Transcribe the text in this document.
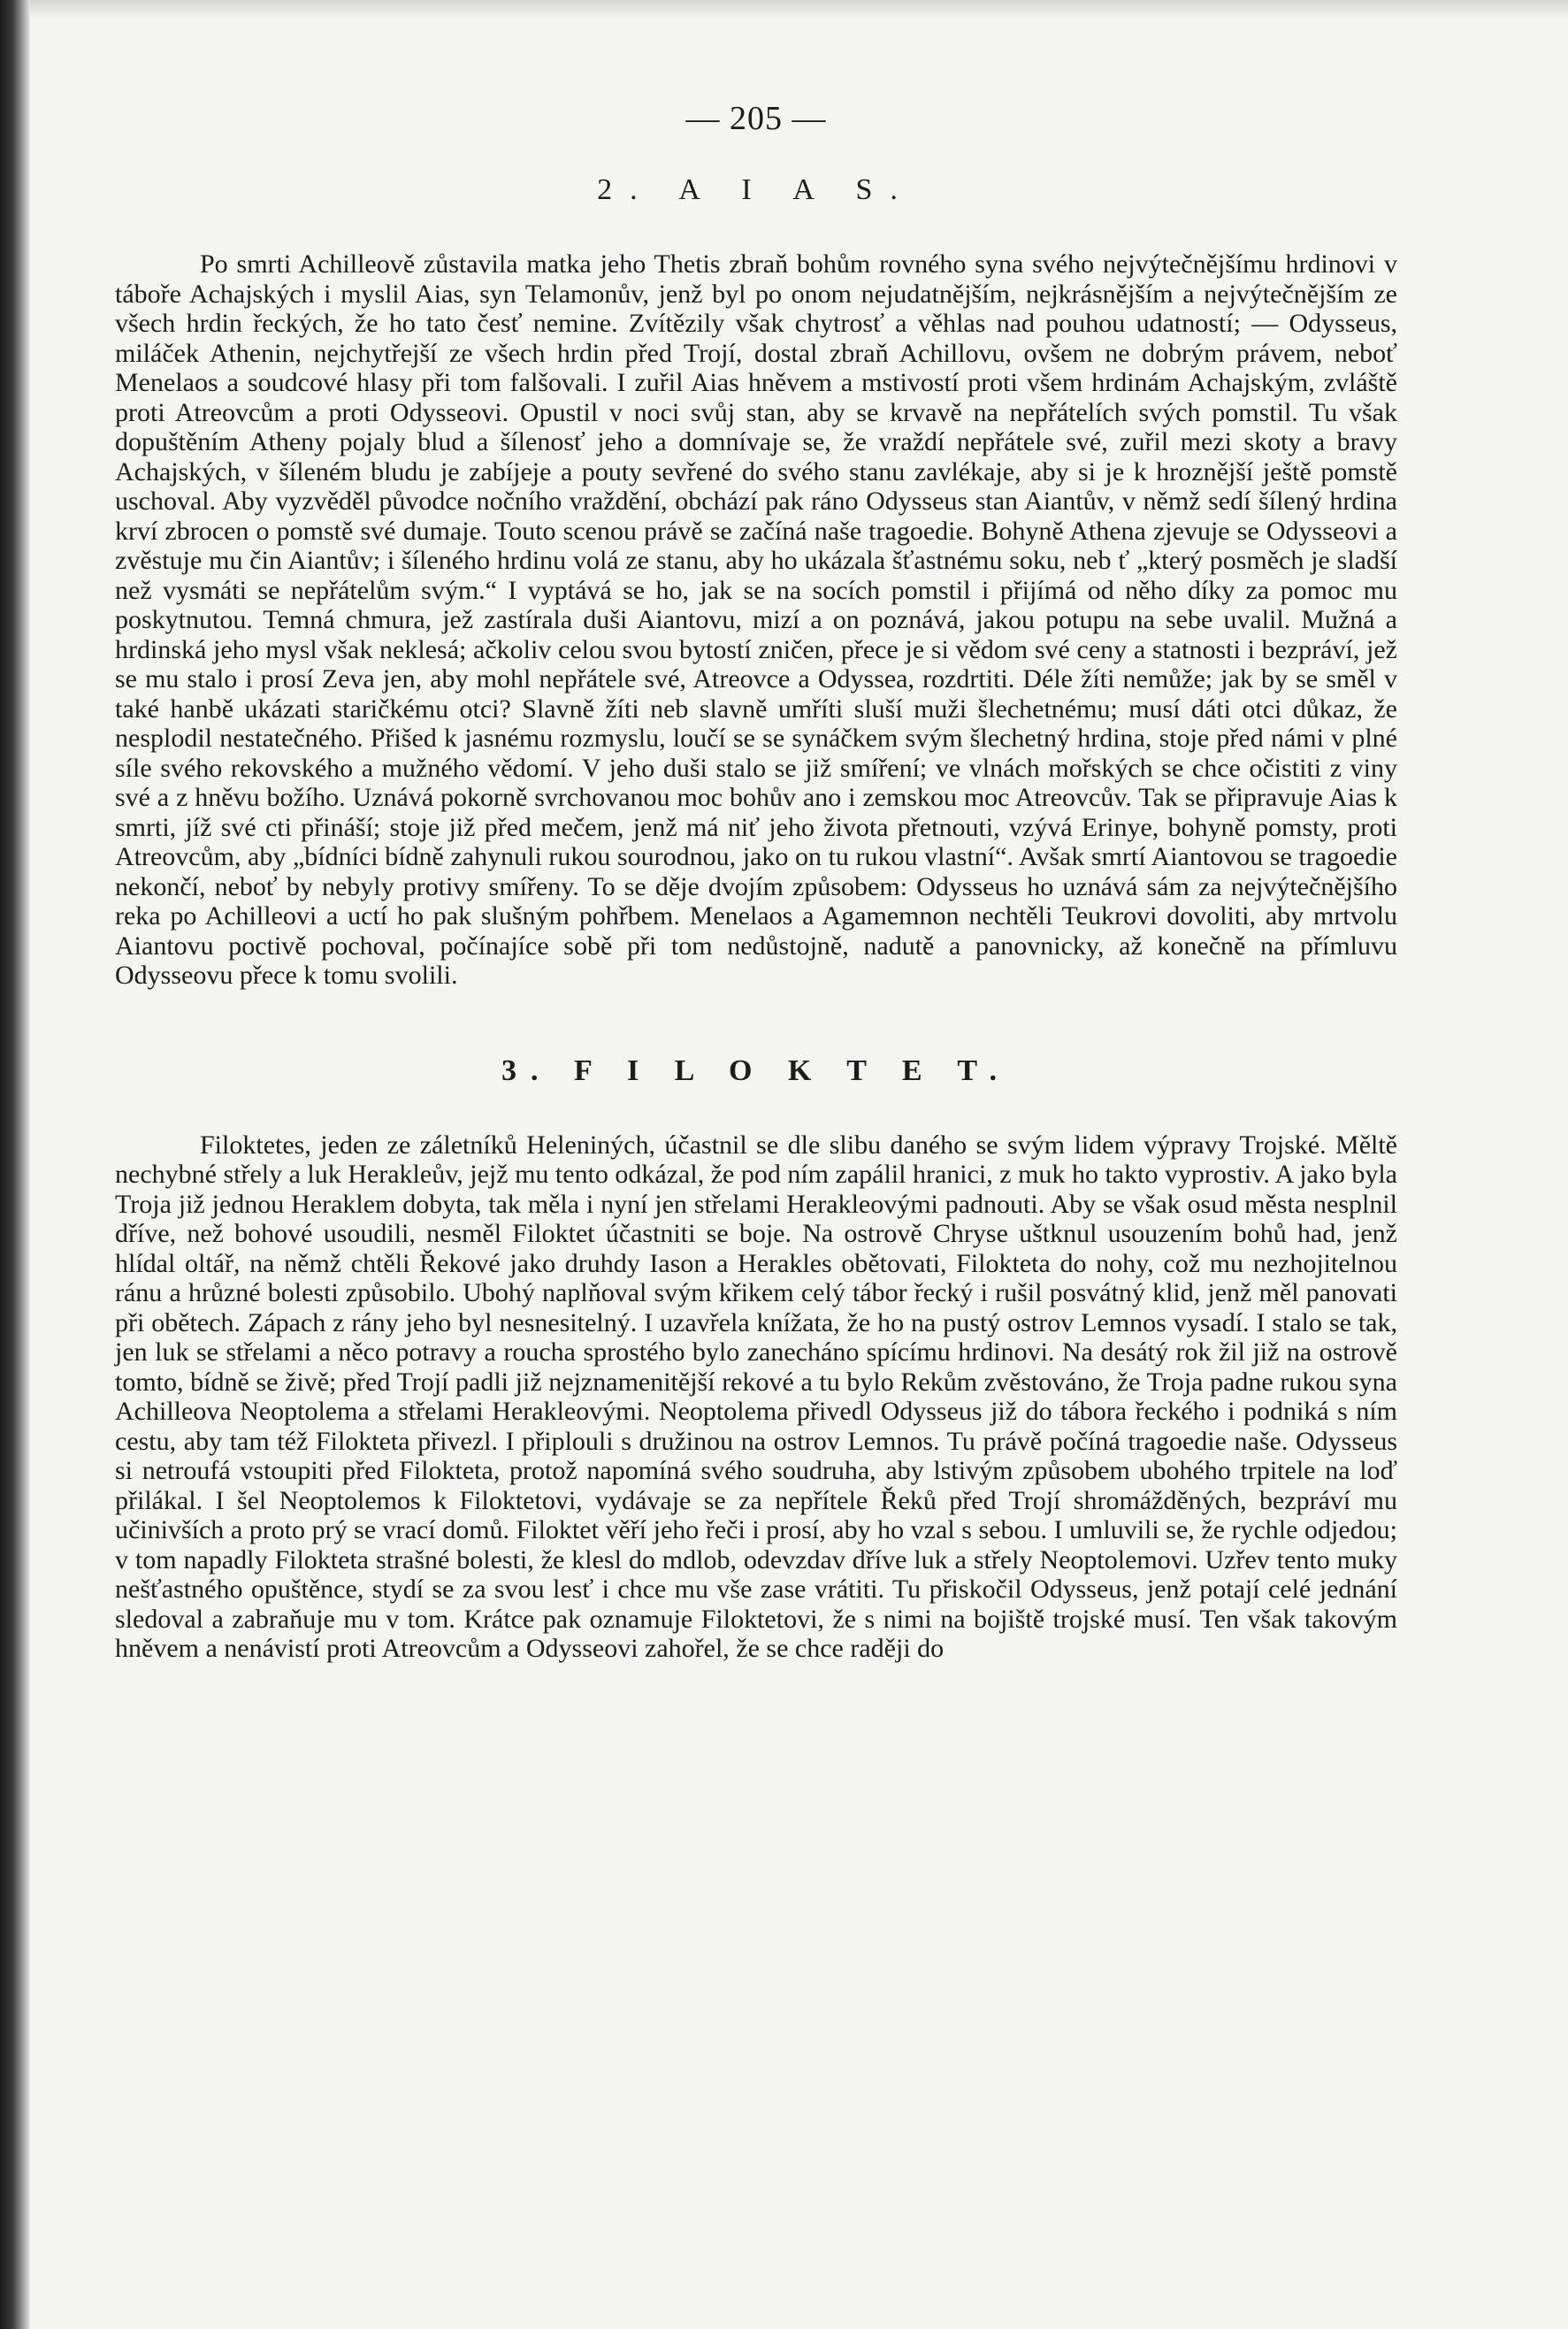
— 205 —
2. A I A S.

Po smrti Achilleově zůstavila matka jeho Thetis zbraň bohům rovného syna svého nejvýtečnějšímu hrdinovi v táboře Achajských i myslil Aias, syn Telamonův, jenž byl po onom nejudatnějším, nejkrásnějším a nejvýtečnějším ze všech hrdin řeckých, že ho tato česť nemine. Zvítězily však chytrosť a věhlas nad pouhou udatností; — Odysseus, miláček Athenin, nejchytřejší ze všech hrdin před Trojí, dostal zbraň Achillovu, ovšem ne dobrým právem, neboť Menelaos a soudcové hlasy při tom falšovali. I zuřil Aias hněvem a mstivostí proti všem hrdinám Achajským, zvláště proti Atreovcům a proti Odysseovi. Opustil v noci svůj stan, aby se krvavě na nepřátelích svých pomstil. Tu však dopuštěním Atheny pojaly blud a šílenosť jeho a domnívaje se, že vraždí nepřátele své, zuřil mezi skoty a bravy Achajských, v šíleném bludu je zabíjeje a pouty sevřené do svého stanu zavlékaje, aby si je k hroznější ještě pomstě uschoval. Aby vyzvěděl původce nočního vraždění, obchází pak ráno Odysseus stan Aiantův, v němž sedí šílený hrdina krví zbrocen o pomstě své dumaje. Touto scenou právě se začíná naše tragoedie. Bohyně Athena zjevuje se Odysseovi a zvěstuje mu čin Aiantův; i šíleného hrdinu volá ze stanu, aby ho ukázala šťastnému soku, neb ť „který posměch je sladší než vysmáti se nepřátelům svým.“ I vyptává se ho, jak se na socích pomstil i přijímá od něho díky za pomoc mu poskytnutou. Temná chmura, jež zastírala duši Aiantovu, mizí a on poznává, jakou potupu na sebe uvalil. Mužná a hrdinská jeho mysl však neklesá; ačkoliv celou svou bytostí zničen, přece je si vědom své ceny a statnosti i bezpráví, jež se mu stalo i prosí Zeva jen, aby mohl nepřátele své, Atreovce a Odyssea, rozdrtiti. Déle žíti nemůže; jak by se směl v také hanbě ukázati staričkému otci? Slavně žíti neb slavně umříti sluší muži šlechetnému; musí dáti otci důkaz, že nesplodil nestatečného. Přišed k jasnému rozmyslu, loučí se se synáčkem svým šlechetný hrdina, stoje před námi v plné síle svého rekovského a mužného vědomí. V jeho duši stalo se již smíření; ve vlnách mořských se chce očistiti z viny své a z hněvu božího. Uznává pokorně svrchovanou moc bohův ano i zemskou moc Atreovcův. Tak se připravuje Aias k smrti, jíž své cti přináší; stoje již před mečem, jenž má niť jeho života přetnouti, vzývá Erinye, bohyně pomsty, proti Atreovcům, aby „bídníci bídně zahynuli rukou sourodnou, jako on tu rukou vlastní“. Avšak smrtí Aiantovou se tragoedie nekončí, neboť by nebyly protivy smířeny. To se děje dvojím způsobem: Odysseus ho uznává sám za nejvýtečnějšího reka po Achilleovi a uctí ho pak slušným pohřbem. Menelaos a Agamemnon nechtěli Teukrovi dovoliti, aby mrtvolu Aiantovu poctivě pochoval, počínajíce sobě při tom nedůstojně, nadutě a panovnicky, až konečně na přímluvu Odysseovu přece k tomu svolili.

3. F I L O K T E T.

Filoktetes, jeden ze záletníků Heleniných, účastnil se dle slibu daného se svým lidem výpravy Trojské. Měltě nechybné střely a luk Herakleův, jejž mu tento odkázal, že pod ním zapálil hranici, z muk ho takto vyprostiv. A jako byla Troja již jednou Heraklem dobyta, tak měla i nyní jen střelami Herakleovými padnouti. Aby se však osud města nesplnil dříve, než bohové usoudili, nesměl Filoktet účastniti se boje. Na ostrově Chryse uštknul usouzením bohů had, jenž hlídal oltář, na němž chtěli Řekové jako druhdy Iason a Herakles obětovati, Filokteta do nohy, což mu nezhojitelnou ránu a hrůzné bolesti způsobilo. Ubohý naplňoval svým křikem celý tábor řecký i rušil posvátný klid, jenž měl panovati při obětech. Zápach z rány jeho byl nesnesitelný. I uzavřela knížata, že ho na pustý ostrov Lemnos vysadí. I stalo se tak, jen luk se střelami a něco potravy a roucha sprostého bylo zanecháno spícímu hrdinovi. Na desátý rok žil již na ostrově tomto, bídně se živě; před Trojí padli již nejznamenitější rekové a tu bylo Rekům zvěstováno, že Troja padne rukou syna Achilleova Neoptolema a střelami Herakleovými. Neoptolema přivedl Odysseus již do tábora řeckého i podniká s ním cestu, aby tam též Filokteta přivezl. I připlouli s družinou na ostrov Lemnos. Tu právě počíná tragoedie naše. Odysseus si netroufá vstoupiti před Filokteta, protož napomíná svého soudruha, aby lstivým způsobem ubohého trpitele na loď přilákal. I šel Neoptolemos k Filoktetovi, vydávaje se za nepřítele Řeků před Trojí shromážděných, bezpráví mu učinivších a proto prý se vrací domů. Filoktet věří jeho řeči i prosí, aby ho vzal s sebou. I umluvili se, že rychle odjedou; v tom napadly Filokteta strašné bolesti, že klesl do mdlob, odevzdav dříve luk a střely Neoptolemovi. Uzřev tento muky nešťastného opuštěnce, stydí se za svou lesť i chce mu vše zase vrátiti. Tu přiskočil Odysseus, jenž potají celé jednání sledoval a zabraňuje mu v tom. Krátce pak oznamuje Filoktetovi, že s nimi na bojiště trojské musí. Ten však takovým hněvem a nenávistí proti Atreovcům a Odysseovi zahořel, že se chce raději do
